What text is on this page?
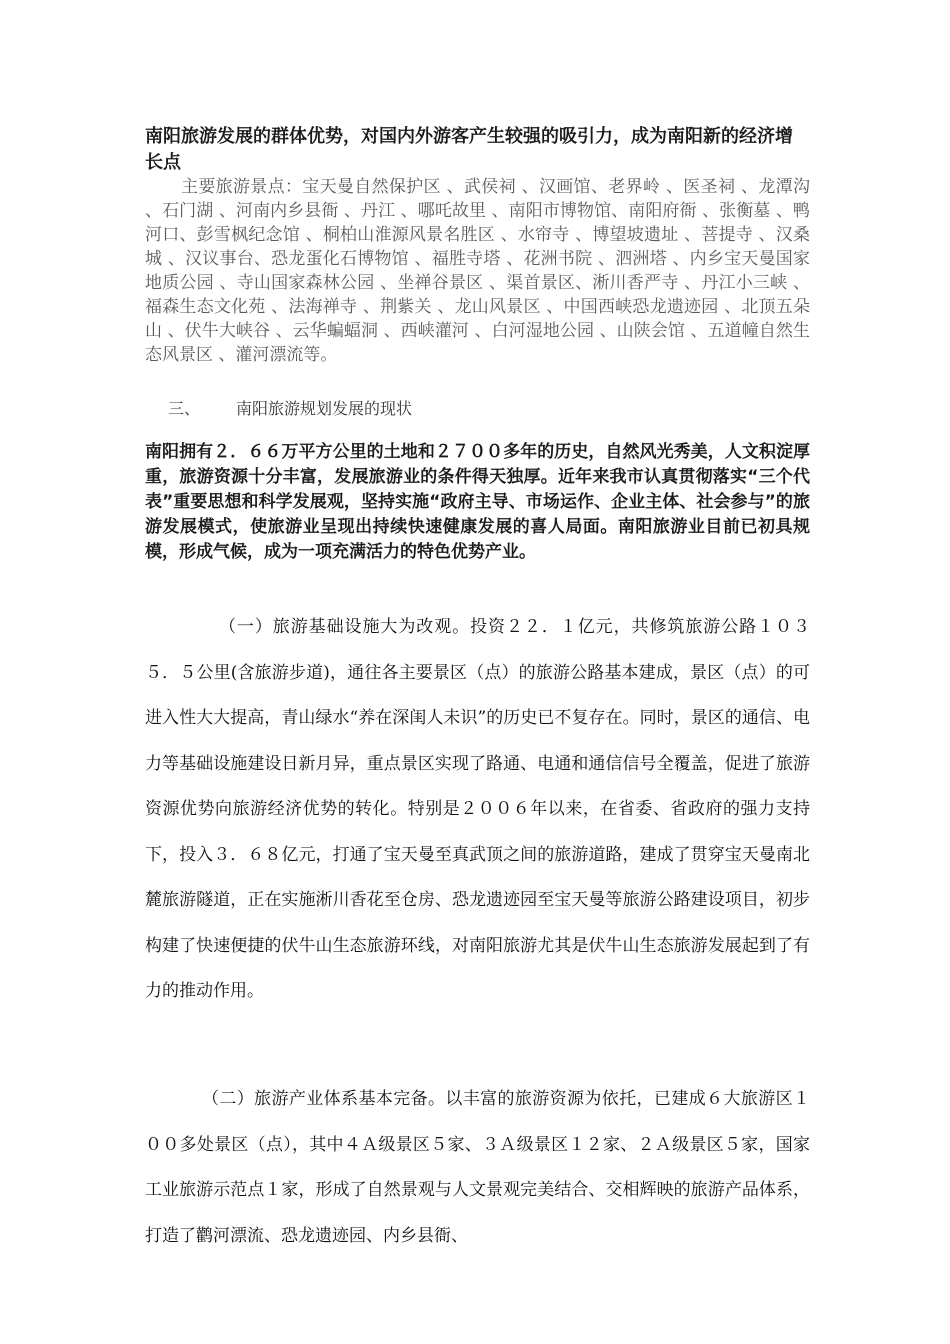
南阳旅游发展的群体优势，对国内外游客产生较强的吸引力，成为南阳新的经济增长点

主要旅游景点：宝天曼自然保护区 、武侯祠 、汉画馆、老界岭 、医圣祠 、龙潭沟 、石门湖 、河南内乡县衙 、丹江 、哪吒故里 、南阳市博物馆、南阳府衙 、张衡墓 、鸭河口、彭雪枫纪念馆 、桐柏山淮源风景名胜区 、水帘寺 、博望坡遗址 、菩提寺 、汉桑城 、汉议事台、恐龙蛋化石博物馆 、福胜寺塔 、花洲书院 、泗洲塔 、内乡宝天曼国家地质公园 、寺山国家森林公园 、坐禅谷景区 、渠首景区、淅川香严寺 、丹江小三峡 、福森生态文化苑 、法海禅寺 、荆紫关 、龙山风景区 、中国西峡恐龙遗迹园 、北顶五朵山 、伏牛大峡谷 、云华蝙蝠洞 、西峡灌河 、白河湿地公园 、山陕会馆 、五道幢自然生态风景区 、灌河漂流等。

三、 南阳旅游规划发展的现状

南阳拥有２．６６万平方公里的土地和２７００多年的历史，自然风光秀美，人文积淀厚重，旅游资源十分丰富，发展旅游业的条件得天独厚。近年来我市认真贯彻落实“三个代表”重要思想和科学发展观，坚持实施“政府主导、市场运作、企业主体、社会参与”的旅游发展模式，使旅游业呈现出持续快速健康发展的喜人局面。南阳旅游业目前已初具规模，形成气候，成为一项充满活力的特色优势产业。

（一）旅游基础设施大为改观。投资２２．１亿元，共修筑旅游公路１０３５．５公里(含旅游步道)，通往各主要景区（点）的旅游公路基本建成，景区（点）的可进入性大大提高，青山绿水“养在深闺人未识”的历史已不复存在。同时，景区的通信、电力等基础设施建设日新月异，重点景区实现了路通、电通和通信信号全覆盖，促进了旅游资源优势向旅游经济优势的转化。特别是２００６年以来，在省委、省政府的强力支持下，投入３．６８亿元，打通了宝天曼至真武顶之间的旅游道路，建成了贯穿宝天曼南北麓旅游隧道，正在实施淅川香花至仓房、恐龙遗迹园至宝天曼等旅游公路建设项目，初步构建了快速便捷的伏牛山生态旅游环线，对南阳旅游尤其是伏牛山生态旅游发展起到了有力的推动作用。

（二）旅游产业体系基本完备。以丰富的旅游资源为依托，已建成６大旅游区１００多处景区（点），其中４Ａ级景区５家、３Ａ级景区１２家、２Ａ级景区５家，国家工业旅游示范点１家，形成了自然景观与人文景观完美结合、交相辉映的旅游产品体系，打造了鹳河漂流、恐龙遗迹园、内乡县衙、
